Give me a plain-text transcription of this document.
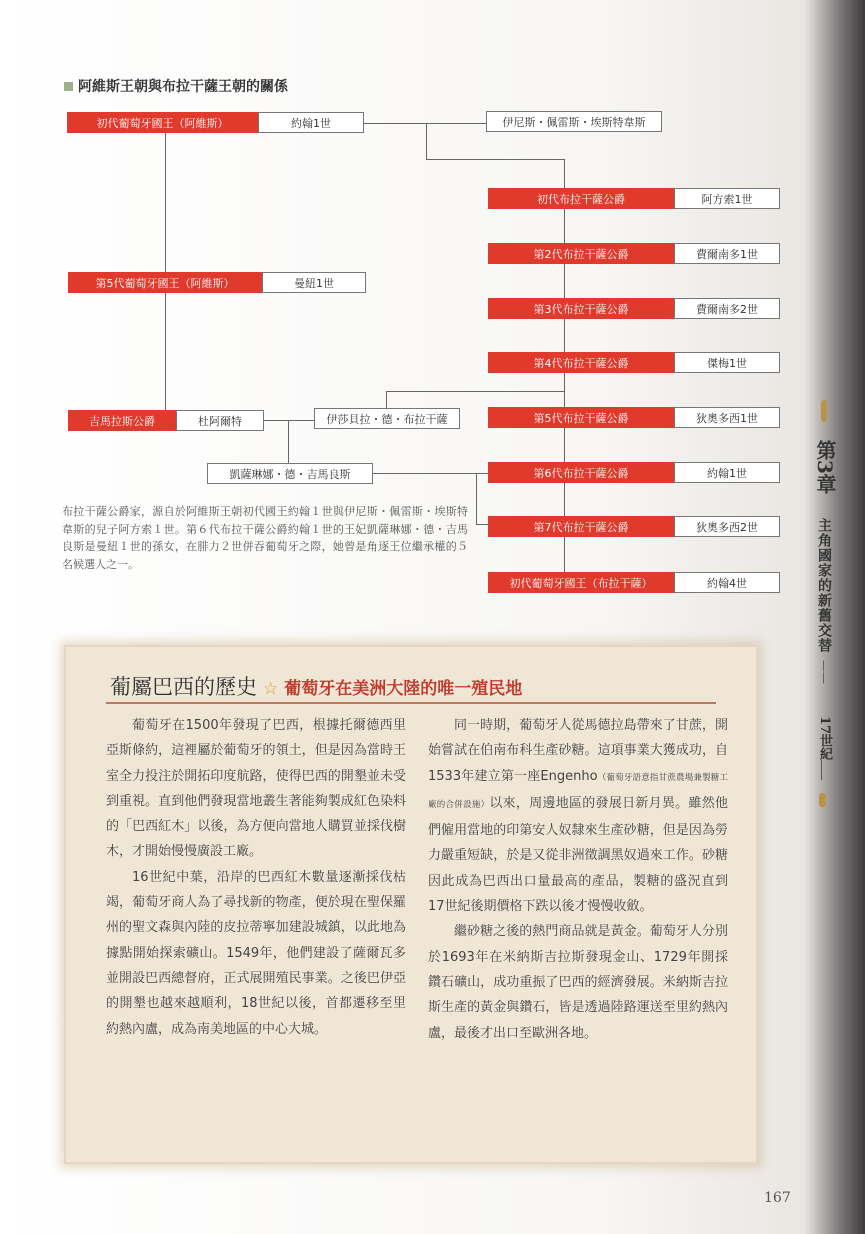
阿維斯王朝與布拉干薩王朝的關係
初代葡萄牙國王（阿維斯）	約翰1世	伊尼斯・佩雷斯・埃斯特韋斯
初代布拉干薩公爵	阿方索1世
第2代布拉干薩公爵	費爾南多1世
第5代葡萄牙國王（阿維斯）	曼紐1世
第3代布拉干薩公爵	費爾南多2世
第4代布拉干薩公爵	傑梅1世
吉馬拉斯公爵	杜阿爾特	伊莎貝拉・德・布拉干薩	第5代布拉干薩公爵	狄奧多西1世
凱薩琳娜・德・吉馬良斯	第6代布拉干薩公爵	約翰1世
第7代布拉干薩公爵	狄奧多西2世
初代葡萄牙國王（布拉干薩）	約翰4世
布拉干薩公爵家，源自於阿維斯王朝初代國王約翰１世與伊尼斯・佩雷斯・埃斯特韋斯的兒子阿方索１世。第６代布拉干薩公爵約翰１世的王妃凱薩琳娜・德・吉馬良斯是曼紐１世的孫女，在腓力２世併吞葡萄牙之際，她曾是角逐王位繼承權的５名候選人之一。
葡屬巴西的歷史 ☆ 葡萄牙在美洲大陸的唯一殖民地

葡萄牙在1500年發現了巴西，根據托爾德西里亞斯條約，這裡屬於葡萄牙的領土，但是因為當時王室全力投注於開拓印度航路，使得巴西的開墾並未受到重視。直到他們發現當地叢生著能夠製成紅色染料的「巴西紅木」以後，為方便向當地人購買並採伐樹木，才開始慢慢廣設工廠。

16世紀中葉，沿岸的巴西紅木數量逐漸採伐枯竭，葡萄牙商人為了尋找新的物產，便於現在聖保羅州的聖文森與內陸的皮拉蒂寧加建設城鎮，以此地為據點開始探索礦山。1549年，他們建設了薩爾瓦多並開設巴西總督府，正式展開殖民事業。之後巴伊亞的開墾也越來越順利，18世紀以後，首都遷移至里約熱內盧，成為南美地區的中心大城。

同一時期，葡萄牙人從馬德拉島帶來了甘蔗，開始嘗試在伯南布科生產砂糖。這項事業大獲成功，自1533年建立第一座Engenho（葡萄牙語意指甘蔗農場兼製糖工廠的合併設施）以來，周邊地區的發展日新月異。雖然他們僱用當地的印第安人奴隸來生產砂糖，但是因為勞力嚴重短缺，於是又從非洲徵調黑奴過來工作。砂糖因此成為巴西出口量最高的產品，製糖的盛況直到17世紀後期價格下跌以後才慢慢收斂。

繼砂糖之後的熱門商品就是黃金。葡萄牙人分別於1693年在米納斯吉拉斯發現金山、1729年開採鑽石礦山，成功重振了巴西的經濟發展。米納斯吉拉斯生產的黃金與鑽石，皆是透過陸路運送至里約熱內盧，最後才出口至歐洲各地。

第3章
主角國家的新舊交替
——
17世紀
167
